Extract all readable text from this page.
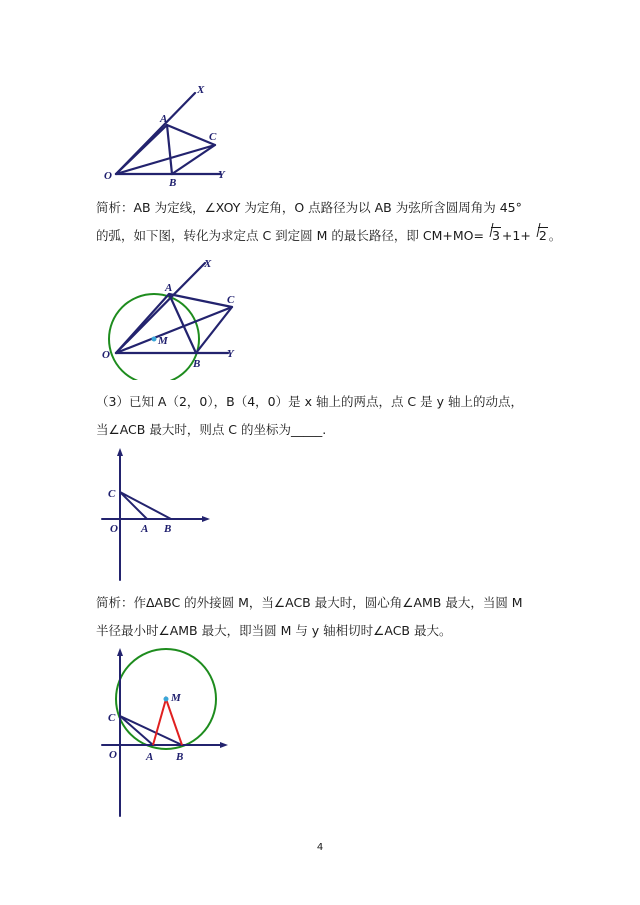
X
A
C
O
B
Y
简析：AB 为定线，∠XOY 为定角，O 点路径为以 AB 为弦所含圆周角为 45°
的弧，如下图，转化为求定点 C 到定圆 M 的最长路径，即 CM+MO= 3 +1+ 2 。
X
A
C
M
O
B
Y
（3）已知 A（2，0），B（4，0）是 x 轴上的两点，点 C 是 y 轴上的动点，
当∠ACB 最大时，则点 C 的坐标为_____.
C
O A B
简析：作ΔABC 的外接圆 M，当∠ACB 最大时，圆心角∠AMB 最大，当圆 M
半径最小时∠AMB 最大，即当圆 M 与 y 轴相切时∠ACB 最大。
M
C
O	A B
4
